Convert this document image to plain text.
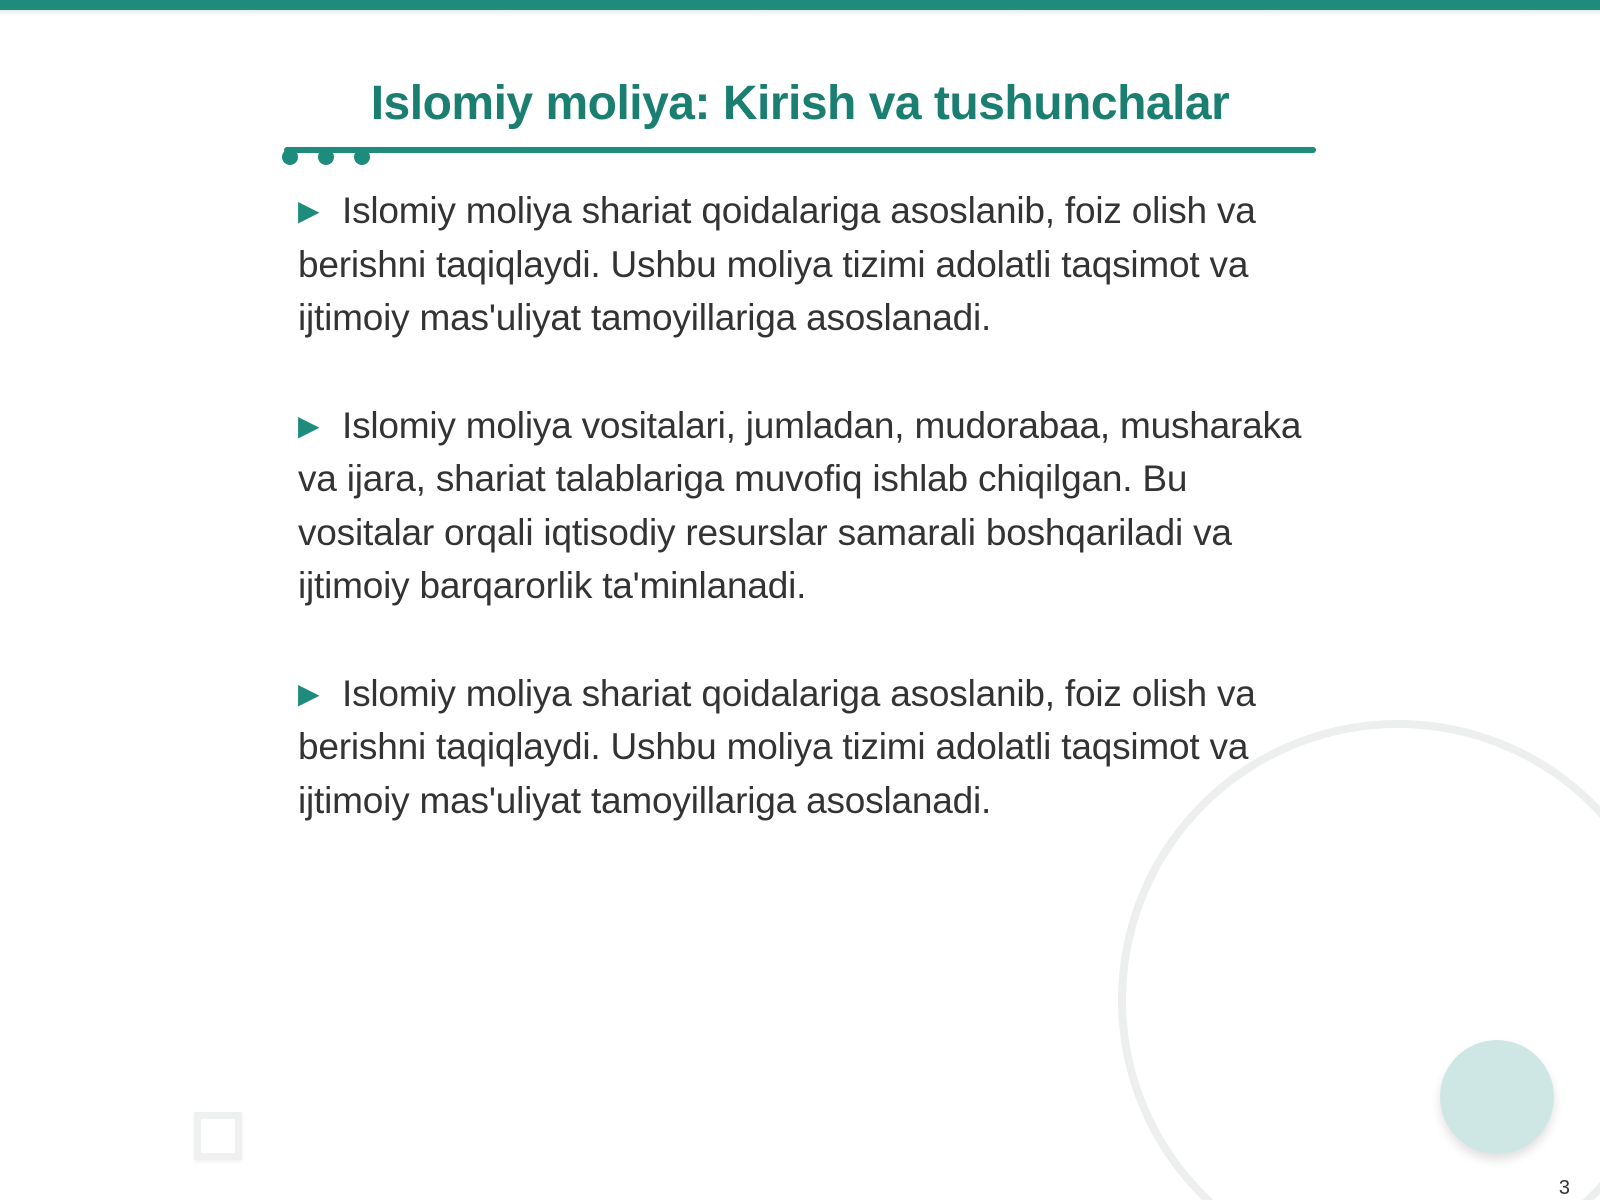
Islomiy moliya: Kirish va tushunchalar

▶ Islomiy moliya shariat qoidalariga asoslanib, foiz olish va berishni taqiqlaydi. Ushbu moliya tizimi adolatli taqsimot va ijtimoiy mas'uliyat tamoyillariga asoslanadi.

▶ Islomiy moliya vositalari, jumladan, mudorabaa, musharaka va ijara, shariat talablariga muvofiq ishlab chiqilgan. Bu vositalar orqali iqtisodiy resurslar samarali boshqariladi va ijtimoiy barqarorlik ta'minlanadi.

▶ Islomiy moliya shariat qoidalariga asoslanib, foiz olish va berishni taqiqlaydi. Ushbu moliya tizimi adolatli taqsimot va ijtimoiy mas'uliyat tamoyillariga asoslanadi.

3
